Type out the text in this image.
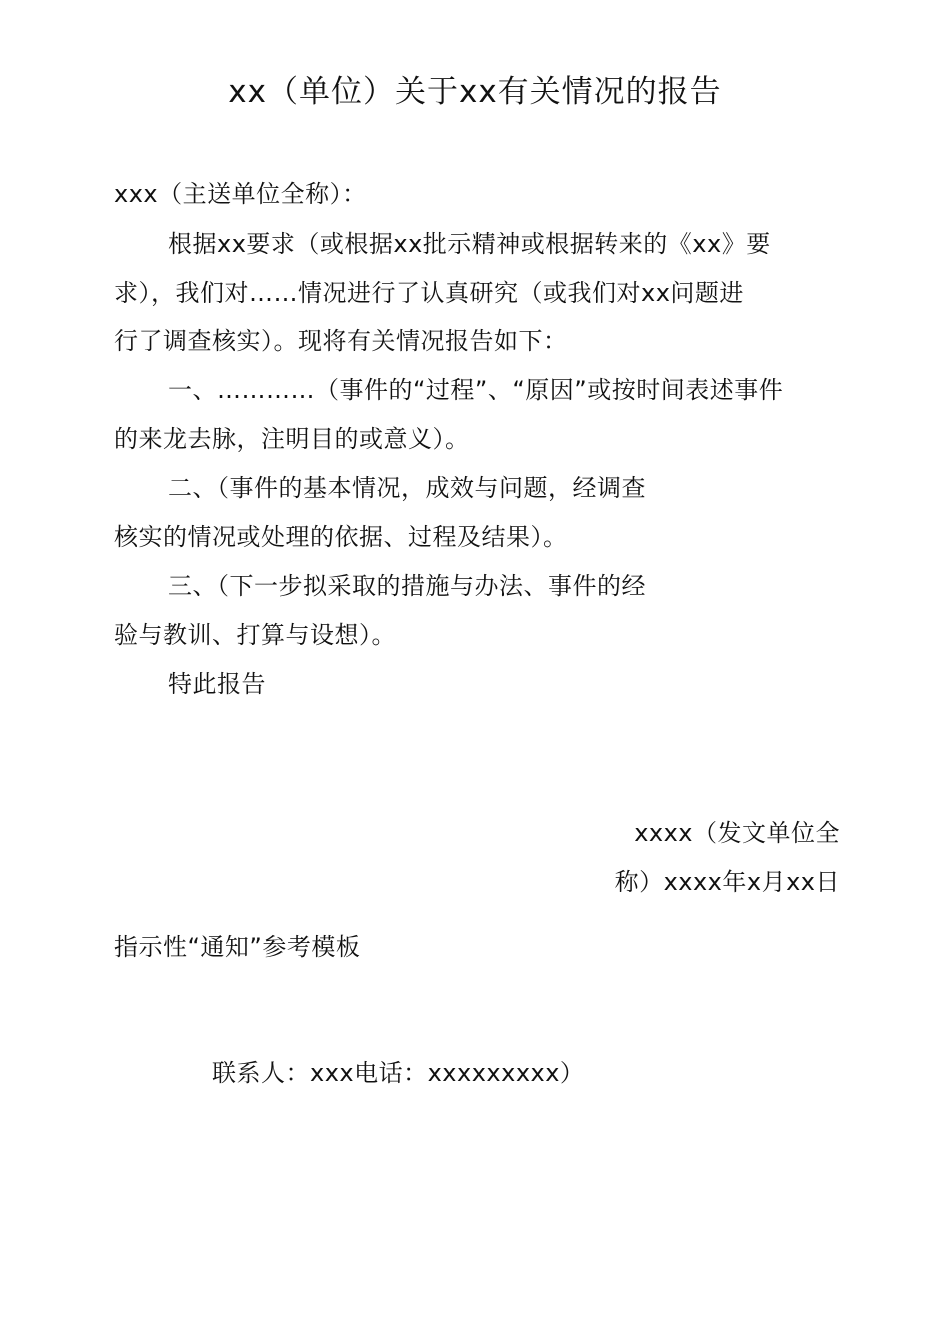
xx（单位）关于xx有关情况的报告
xxx（主送单位全称）：
根据xx要求（或根据xx批示精神或根据转来的《xx》要
求），我们对……情况进行了认真研究（或我们对xx问题进
行了调查核实）。现将有关情况报告如下：
一、…………（事件的“过程”、“原因”或按时间表述事件
的来龙去脉，注明目的或意义）。
二、（事件的基本情况，成效与问题，经调查
核实的情况或处理的依据、过程及结果）。
三、（下一步拟采取的措施与办法、事件的经
验与教训、打算与设想）。
特此报告
xxxx（发文单位全
称）xxxx年x月xx日
指示性“通知”参考模板
联系人：xxx电话：xxxxxxxxx）
